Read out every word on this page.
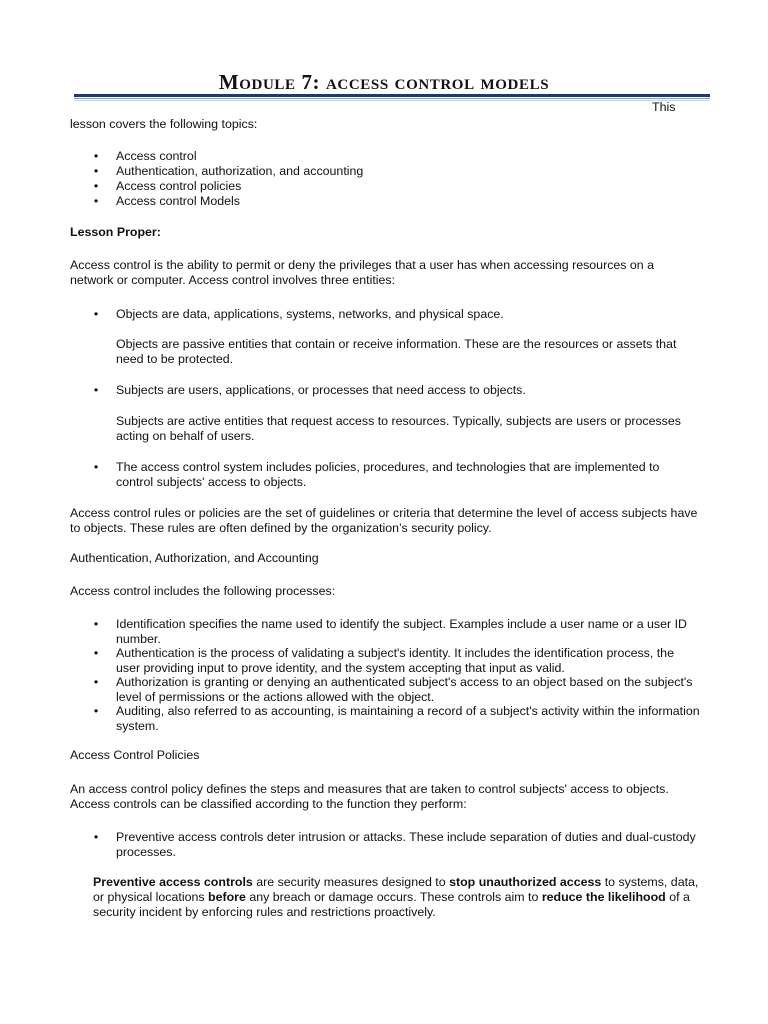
Module 7: access control models

This

lesson covers the following topics:

• Access control

• Authentication, authorization, and accounting

• Access control policies

• Access control Models

Lesson Proper:

Access control is the ability to permit or deny the privileges that a user has when accessing resources on a network or computer. Access control involves three entities:

• Objects are data, applications, systems, networks, and physical space.

Objects are passive entities that contain or receive information. These are the resources or assets that need to be protected.

• Subjects are users, applications, or processes that need access to objects.

Subjects are active entities that request access to resources. Typically, subjects are users or processes acting on behalf of users.

• The access control system includes policies, procedures, and technologies that are implemented to control subjects' access to objects.

Access control rules or policies are the set of guidelines or criteria that determine the level of access subjects have to objects. These rules are often defined by the organization’s security policy.

Authentication, Authorization, and Accounting

Access control includes the following processes:

• Identification specifies the name used to identify the subject. Examples include a user name or a user ID number.

• Authentication is the process of validating a subject's identity. It includes the identification process, the user providing input to prove identity, and the system accepting that input as valid.

• Authorization is granting or denying an authenticated subject's access to an object based on the subject's level of permissions or the actions allowed with the object.

• Auditing, also referred to as accounting, is maintaining a record of a subject's activity within the information system.

Access Control Policies

An access control policy defines the steps and measures that are taken to control subjects' access to objects. Access controls can be classified according to the function they perform:

• Preventive access controls deter intrusion or attacks. These include separation of duties and dual-custody processes.

Preventive access controls are security measures designed to stop unauthorized access to systems, data, or physical locations before any breach or damage occurs. These controls aim to reduce the likelihood of a security incident by enforcing rules and restrictions proactively.
